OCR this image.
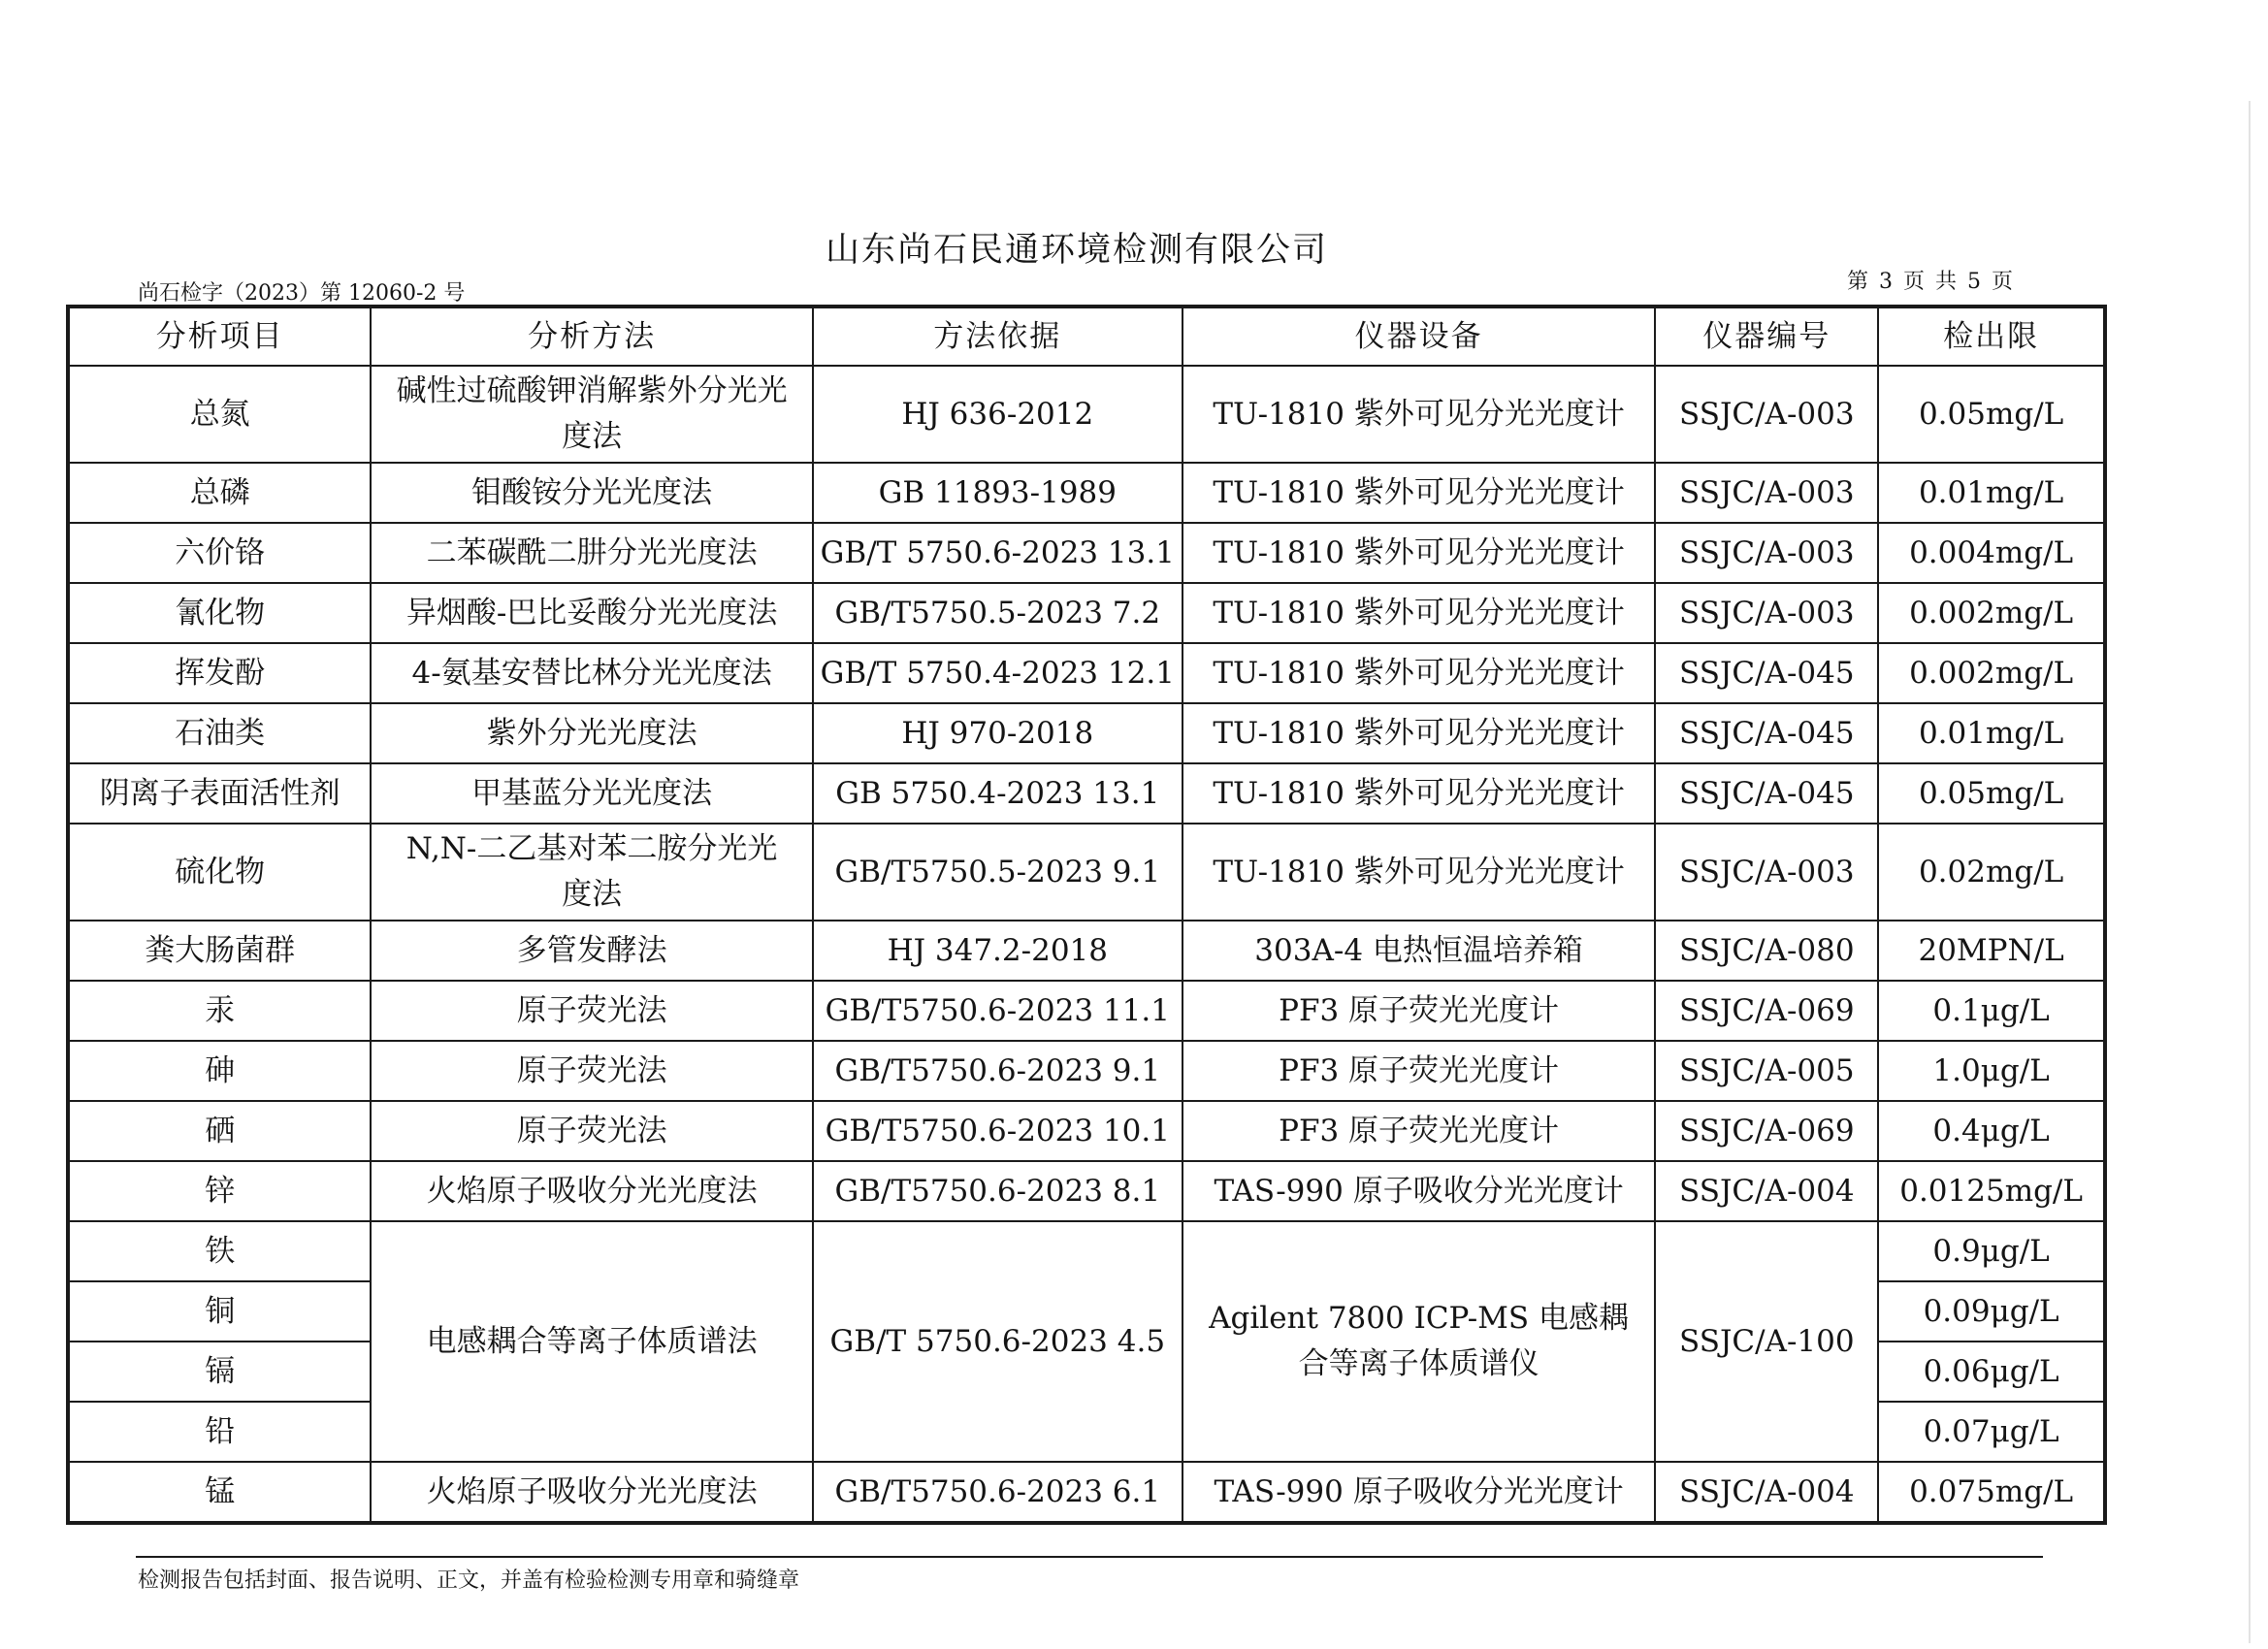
山东尚石民通环境检测有限公司
尚石检字（2023）第 12060-2 号	第 3 页 共 5 页
分析项目	分析方法	方法依据	仪器设备	仪器编号	检出限
总氮	碱性过硫酸钾消解紫外分光光度法	HJ 636-2012	TU-1810 紫外可见分光光度计	SSJC/A-003	0.05mg/L
总磷	钼酸铵分光光度法	GB 11893-1989	TU-1810 紫外可见分光光度计	SSJC/A-003	0.01mg/L
六价铬	二苯碳酰二肼分光光度法	GB/T 5750.6-2023 13.1	TU-1810 紫外可见分光光度计	SSJC/A-003	0.004mg/L
氰化物	异烟酸-巴比妥酸分光光度法	GB/T5750.5-2023 7.2	TU-1810 紫外可见分光光度计	SSJC/A-003	0.002mg/L
挥发酚	4-氨基安替比林分光光度法	GB/T 5750.4-2023 12.1	TU-1810 紫外可见分光光度计	SSJC/A-045	0.002mg/L
石油类	紫外分光光度法	HJ 970-2018	TU-1810 紫外可见分光光度计	SSJC/A-045	0.01mg/L
阴离子表面活性剂	甲基蓝分光光度法	GB 5750.4-2023 13.1	TU-1810 紫外可见分光光度计	SSJC/A-045	0.05mg/L
硫化物	N,N-二乙基对苯二胺分光光度法	GB/T5750.5-2023 9.1	TU-1810 紫外可见分光光度计	SSJC/A-003	0.02mg/L
粪大肠菌群	多管发酵法	HJ 347.2-2018	303A-4 电热恒温培养箱	SSJC/A-080	20MPN/L
汞	原子荧光法	GB/T5750.6-2023 11.1	PF3 原子荧光光度计	SSJC/A-069	0.1μg/L
砷	原子荧光法	GB/T5750.6-2023 9.1	PF3 原子荧光光度计	SSJC/A-005	1.0μg/L
硒	原子荧光法	GB/T5750.6-2023 10.1	PF3 原子荧光光度计	SSJC/A-069	0.4μg/L
锌	火焰原子吸收分光光度法	GB/T5750.6-2023 8.1	TAS-990 原子吸收分光光度计	SSJC/A-004	0.0125mg/L
铁	电感耦合等离子体质谱法	GB/T 5750.6-2023 4.5	Agilent 7800 ICP-MS 电感耦合等离子体质谱仪	SSJC/A-100	0.9μg/L
铜					0.09μg/L
镉					0.06μg/L
铅					0.07μg/L
锰	火焰原子吸收分光光度法	GB/T5750.6-2023 6.1	TAS-990 原子吸收分光光度计	SSJC/A-004	0.075mg/L
检测报告包括封面、报告说明、正文，并盖有检验检测专用章和骑缝章
